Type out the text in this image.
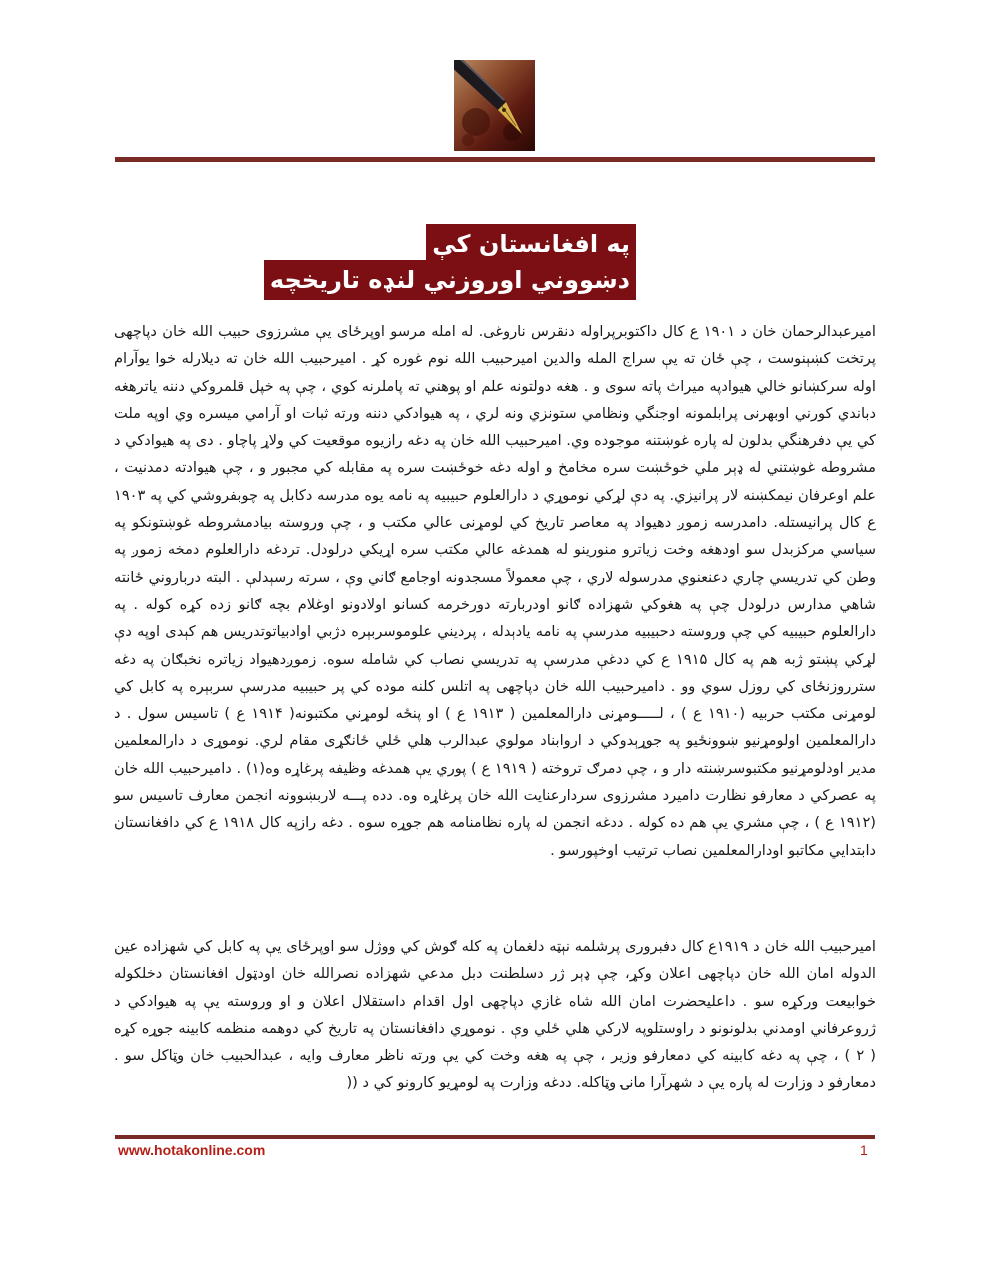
په افغانستان کې
دښووني اوروزني لنډه تاريخچه
اميرعبدالرحمان خان د ۱۹۰۱ ع کال داکتوبرپراوله دنقرس ناروغی. له امله مرسو اوپرځای يې مشرزوی حبيب الله خان دپاچهی پرتخت کښېنوست ، چې ځان ته يې سراج المله والدين اميرحبيب الله نوم غوره کړ . اميرحبيب الله خان ته ديلارله خوا يوآرام اوله سرکښانو خالي هيوادپه ميراث پاته سوی و . هغه دولتونه علم او پوهني ته پاملرنه کوي ، چې په خپل قلمروکي دننه ياترهغه دباندي کورني اوبهرنی پرابلمونه اوجنگي ونظامي ستونزي ونه لري ، په هيوادکي دننه ورته ثبات او آرامي ميسره وي اوپه ملت کي يې دفرهنگي بدلون له پاره غوښتنه موجوده وي. اميرحبيب الله خان په دغه رازيوه موقعيت کي ولاړ پاچاو . دی په هيوادکي د مشروطه غوښتني له ډېر ملي خوځښت سره مخامخ و اوله دغه خوځښت سره په مقابله کي مجبور و ، چې هيوادته دمدنيت ، علم اوعرفان نيمکښنه لار پرانيزي. په دې لړکي نوموړي د دارالعلوم حبيبيه په نامه يوه مدرسه دکابل په چوبفروشي کي په ۱۹۰۳ ع کال پرانيستله. دامدرسه زموږ دهيواد په معاصر تاريخ کي لومړنی عالي مکتب و ، چې وروسته بيادمشروطه غوښتونکو په سياسي مرکزبدل سو اودهغه وخت زياترو منورينو له همدغه عالي مکتب سره اړيکي درلودل. تردغه دارالعلوم دمخه زموږ په وطن کي تدريسي چاري دعنعنوي مدرسوله لاري ، چې معمولاً مسجدونه اوجامع ګاني وې ، سرته رسېدلې . البته درباروني ځانته شاهي مدارس درلودل چې په هغوکي شهزاده ګانو اودربارته دورخرمه کسانو اولادونو اوغلام بچه ګانو زده کړه کوله . په دارالعلوم حبيبيه کي چې وروسته دحبيبيه مدرسې په نامه يادېدله ، پرديني علوموسربېره دژبي اوادبياتوتدريس هم کېدی اوپه دې لړکي پښتو ژبه هم په کال ۱۹۱۵ ع کي ددغې مدرسې په تدريسي نصاب کي شامله سوه. زموږدهيواد زياتره نخبګان په دغه سترروزنځای کي روزل سوي وو . داميرحبيب الله خان دپاچهی په اتلس کلنه موده کي پر حبيبيه مدرسې سربېره په کابل کي لومړنی مکتب حربيه (۱۹۱۰ ع ) ، لـــــومړنی دارالمعلمين ( ۱۹۱۳ ع ) او پنځه لومړني مکتبونه( ۱۹۱۴ ع ) تاسيس سول . د دارالمعلمين اولومړنيو ښوونځيو په جوړېدوکي د اروابناد مولوي عبدالرب هلي ځلي ځانګړی مقام لري. نوموړی د دارالمعلمين مدير اودلومړنيو مکتبوسرښنته دار و ، چې دمرګ تروخته ( ۱۹۱۹ ع ) پوري يې همدغه وظيفه پرغاړه وه(۱) . داميرحبيب الله خان په عصرکي د معارفو نظارت داميرد مشرزوی سردارعنايت الله خان پرغاړه وه. دده پـــه لاربښوونه انجمن معارف تاسيس سو (۱۹۱۲ ع ) ، چې مشري يې هم ده کوله . ددغه انجمن له پاره نظامنامه هم جوړه سوه . دغه رازپه کال ۱۹۱۸ ع کي دافغانستان دابتدايي مکاتبو اودارالمعلمين نصاب ترتيب اوخپورسو .
اميرحبيب الله خان د ۱۹۱۹ع کال دفبروری پرشلمه نېټه دلغمان په کله ګوش کي ووژل سو اوپرځای يې په کابل کي شهزاده عين الدوله امان الله خان دپاچهی اعلان وکړ، چې ډېر ژر دسلطنت دبل مدعي شهزاده نصرالله خان اودټول افغانستان دخلکوله خوابيعت ورکړه سو . داعليحضرت امان الله شاه غازي دپاچهی اول اقدام داستقلال اعلان و او وروسته يې په هيوادکي د ژروعرفاني اومدني بدلونونو د راوستلوپه لارکي هلي ځلي وې . نوموړي دافغانستان په تاريخ کي دوهمه منظمه کابينه جوړه کړه ( ۲ ) ، چې په دغه کابينه کي دمعارفو وزير ، چې په هغه وخت کي يې ورته ناظر معارف وايه ، عبدالحبيب خان وټاکل سو . دمعارفو د وزارت له پاره يې د شهرآرا مانۍ وټاکله. ددغه وزارت په لومړيو کارونو کي د ((
www.hotakonline.com	1
